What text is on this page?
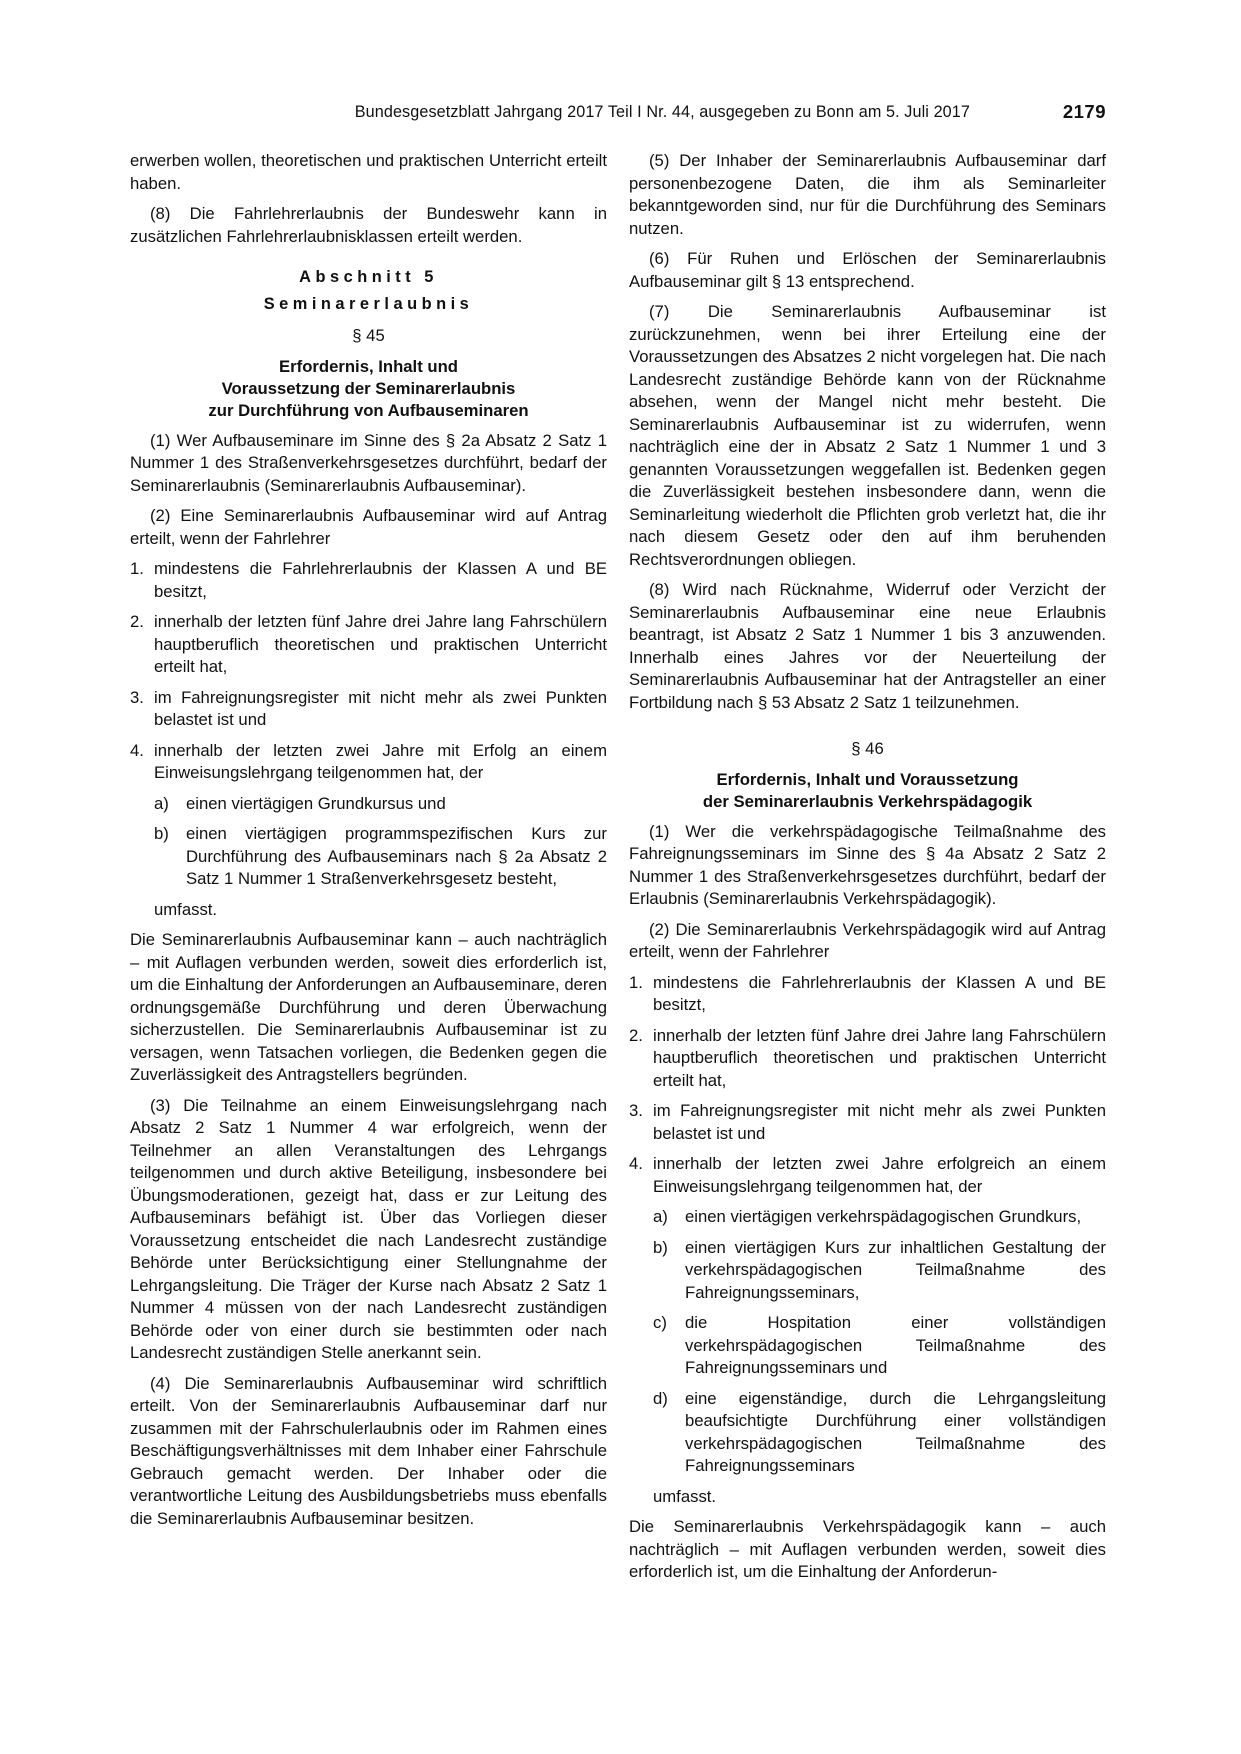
Bundesgesetzblatt Jahrgang 2017 Teil I Nr. 44, ausgegeben zu Bonn am 5. Juli 2017	2179

erwerben wollen, theoretischen und praktischen Unterricht erteilt haben.

(8) Die Fahrlehrerlaubnis der Bundeswehr kann in zusätzlichen Fahrlehrerlaubnisklassen erteilt werden.

Abschnitt 5
Seminarerlaubnis
§ 45
Erfordernis, Inhalt und
Voraussetzung der Seminarerlaubnis
zur Durchführung von Aufbauseminaren

(1) Wer Aufbauseminare im Sinne des § 2a Absatz 2 Satz 1 Nummer 1 des Straßenverkehrsgesetzes durchführt, bedarf der Seminarerlaubnis (Seminarerlaubnis Aufbauseminar).

(2) Eine Seminarerlaubnis Aufbauseminar wird auf Antrag erteilt, wenn der Fahrlehrer

1. mindestens die Fahrlehrerlaubnis der Klassen A und BE besitzt,
2. innerhalb der letzten fünf Jahre drei Jahre lang Fahrschülern hauptberuflich theoretischen und praktischen Unterricht erteilt hat,
3. im Fahreignungsregister mit nicht mehr als zwei Punkten belastet ist und
4. innerhalb der letzten zwei Jahre mit Erfolg an einem Einweisungslehrgang teilgenommen hat, der
a) einen viertägigen Grundkursus und
b) einen viertägigen programmspezifischen Kurs zur Durchführung des Aufbauseminars nach § 2a Absatz 2 Satz 1 Nummer 1 Straßenverkehrsgesetz besteht,
umfasst.

Die Seminarerlaubnis Aufbauseminar kann – auch nachträglich – mit Auflagen verbunden werden, soweit dies erforderlich ist, um die Einhaltung der Anforderungen an Aufbauseminare, deren ordnungsgemäße Durchführung und deren Überwachung sicherzustellen. Die Seminarerlaubnis Aufbauseminar ist zu versagen, wenn Tatsachen vorliegen, die Bedenken gegen die Zuverlässigkeit des Antragstellers begründen.

(3) Die Teilnahme an einem Einweisungslehrgang nach Absatz 2 Satz 1 Nummer 4 war erfolgreich, wenn der Teilnehmer an allen Veranstaltungen des Lehrgangs teilgenommen und durch aktive Beteiligung, insbesondere bei Übungsmoderationen, gezeigt hat, dass er zur Leitung des Aufbauseminars befähigt ist. Über das Vorliegen dieser Voraussetzung entscheidet die nach Landesrecht zuständige Behörde unter Berücksichtigung einer Stellungnahme der Lehrgangsleitung. Die Träger der Kurse nach Absatz 2 Satz 1 Nummer 4 müssen von der nach Landesrecht zuständigen Behörde oder von einer durch sie bestimmten oder nach Landesrecht zuständigen Stelle anerkannt sein.

(4) Die Seminarerlaubnis Aufbauseminar wird schriftlich erteilt. Von der Seminarerlaubnis Aufbauseminar darf nur zusammen mit der Fahrschulerlaubnis oder im Rahmen eines Beschäftigungsverhältnisses mit dem Inhaber einer Fahrschule Gebrauch gemacht werden. Der Inhaber oder die verantwortliche Leitung des Ausbildungsbetriebs muss ebenfalls die Seminarerlaubnis Aufbauseminar besitzen.

(5) Der Inhaber der Seminarerlaubnis Aufbauseminar darf personenbezogene Daten, die ihm als Seminarleiter bekanntgeworden sind, nur für die Durchführung des Seminars nutzen.

(6) Für Ruhen und Erlöschen der Seminarerlaubnis Aufbauseminar gilt § 13 entsprechend.

(7) Die Seminarerlaubnis Aufbauseminar ist zurückzunehmen, wenn bei ihrer Erteilung eine der Voraussetzungen des Absatzes 2 nicht vorgelegen hat. Die nach Landesrecht zuständige Behörde kann von der Rücknahme absehen, wenn der Mangel nicht mehr besteht. Die Seminarerlaubnis Aufbauseminar ist zu widerrufen, wenn nachträglich eine der in Absatz 2 Satz 1 Nummer 1 und 3 genannten Voraussetzungen weggefallen ist. Bedenken gegen die Zuverlässigkeit bestehen insbesondere dann, wenn die Seminarleitung wiederholt die Pflichten grob verletzt hat, die ihr nach diesem Gesetz oder den auf ihm beruhenden Rechtsverordnungen obliegen.

(8) Wird nach Rücknahme, Widerruf oder Verzicht der Seminarerlaubnis Aufbauseminar eine neue Erlaubnis beantragt, ist Absatz 2 Satz 1 Nummer 1 bis 3 anzuwenden. Innerhalb eines Jahres vor der Neuerteilung der Seminarerlaubnis Aufbauseminar hat der Antragsteller an einer Fortbildung nach § 53 Absatz 2 Satz 1 teilzunehmen.

§ 46
Erfordernis, Inhalt und Voraussetzung
der Seminarerlaubnis Verkehrspädagogik

(1) Wer die verkehrspädagogische Teilmaßnahme des Fahreignungsseminars im Sinne des § 4a Absatz 2 Satz 2 Nummer 1 des Straßenverkehrsgesetzes durchführt, bedarf der Erlaubnis (Seminarerlaubnis Verkehrspädagogik).

(2) Die Seminarerlaubnis Verkehrspädagogik wird auf Antrag erteilt, wenn der Fahrlehrer

1. mindestens die Fahrlehrerlaubnis der Klassen A und BE besitzt,
2. innerhalb der letzten fünf Jahre drei Jahre lang Fahrschülern hauptberuflich theoretischen und praktischen Unterricht erteilt hat,
3. im Fahreignungsregister mit nicht mehr als zwei Punkten belastet ist und
4. innerhalb der letzten zwei Jahre erfolgreich an einem Einweisungslehrgang teilgenommen hat, der
a) einen viertägigen verkehrspädagogischen Grundkurs,
b) einen viertägigen Kurs zur inhaltlichen Gestaltung der verkehrspädagogischen Teilmaßnahme des Fahreignungsseminars,
c) die Hospitation einer vollständigen verkehrspädagogischen Teilmaßnahme des Fahreignungsseminars und
d) eine eigenständige, durch die Lehrgangsleitung beaufsichtigte Durchführung einer vollständigen verkehrspädagogischen Teilmaßnahme des Fahreignungsseminars
umfasst.

Die Seminarerlaubnis Verkehrspädagogik kann – auch nachträglich – mit Auflagen verbunden werden, soweit dies erforderlich ist, um die Einhaltung der Anforderun-
